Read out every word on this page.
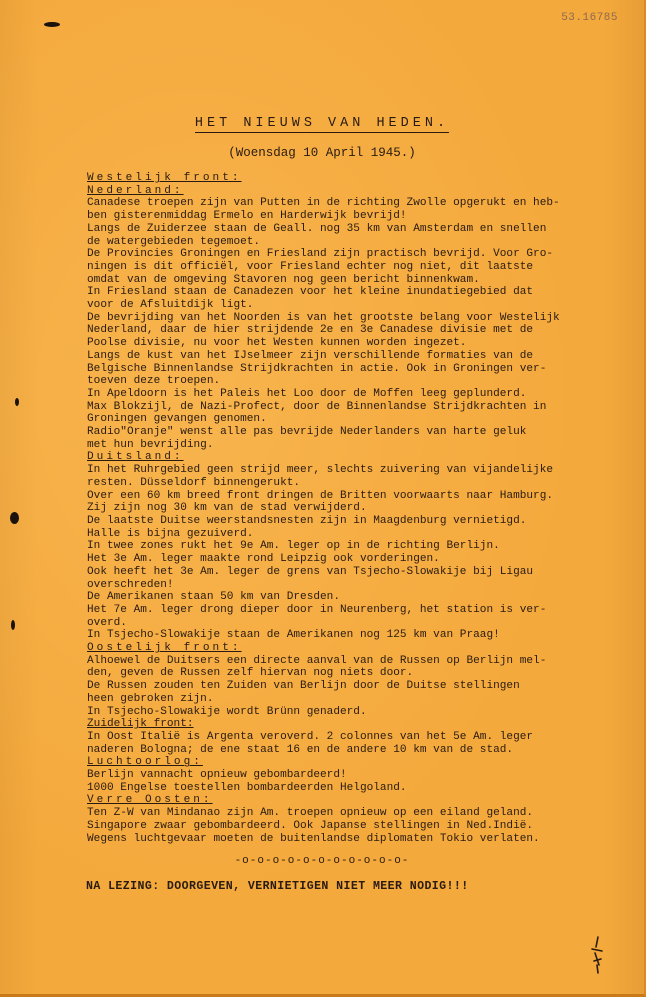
53.16785
HET NIEUWS VAN HEDEN.
(Woensdag 10 April 1945.)
Westelijk front:
Nederland:
Canadese troepen zijn van Putten in de richting Zwolle opgerukt en heb-
ben gisterenmiddag Ermelo en Harderwijk bevrijd!
Langs de Zuiderzee staan de Geall. nog 35 km van Amsterdam en snellen
de watergebieden tegemoet.
De Provincies Groningen en Friesland zijn practisch bevrijd. Voor Gro-
ningen is dit officiël, voor Friesland echter nog niet, dit laatste
omdat van de omgeving Stavoren nog geen bericht binnenkwam.
In Friesland staan de Canadezen voor het kleine inundatiegebied dat
voor de Afsluitdijk ligt.
De bevrijding van het Noorden is van het grootste belang voor Westelijk
Nederland, daar de hier strijdende 2e en 3e Canadese divisie met de
Poolse divisie, nu voor het Westen kunnen worden ingezet.
Langs de kust van het IJselmeer zijn verschillende formaties van de
Belgische Binnenlandse Strijdkrachten in actie. Ook in Groningen ver-
toeven deze troepen.
In Apeldoorn is het Paleis het Loo door de Moffen leeg geplunderd.
Max Blokzijl, de Nazi-Profect, door de Binnenlandse Strijdkrachten in
Groningen gevangen genomen.
Radio"Oranje" wenst alle pas bevrijde Nederlanders van harte geluk
met hun bevrijding.
Duitsland:
In het Ruhrgebied geen strijd meer, slechts zuivering van vijandelijke
resten. Düsseldorf binnengerukt.
Over een 60 km breed front dringen de Britten voorwaarts naar Hamburg.
Zij zijn nog 30 km van de stad verwijderd.
De laatste Duitse weerstandsnesten zijn in Maagdenburg vernietigd.
Halle is bijna gezuiverd.
In twee zones rukt het 9e Am. leger op in de richting Berlijn.
Het 3e Am. leger maakte rond Leipzig ook vorderingen.
Ook heeft het 3e Am. leger de grens van Tsjecho-Slowakije bij Ligau
overschreden!
De Amerikanen staan 50 km van Dresden.
Het 7e Am. leger drong dieper door in Neurenberg, het station is ver-
overd.
In Tsjecho-Slowakije staan de Amerikanen nog 125 km van Praag!
Oostelijk front:
Alhoewel de Duitsers een directe aanval van de Russen op Berlijn mel-
den, geven de Russen zelf hiervan nog niets door.
De Russen zouden ten Zuiden van Berlijn door de Duitse stellingen
heen gebroken zijn.
In Tsjecho-Slowakije wordt Brünn genaderd.
Zuidelijk front:
In Oost Italië is Argenta veroverd. 2 colonnes van het 5e Am. leger
naderen Bologna; de ene staat 16 en de andere 10 km van de stad.
Luchtoorlog:
Berlijn vannacht opnieuw gebombardeerd!
1000 Engelse toestellen bombardeerden Helgoland.
Verre Oosten:
Ten Z-W van Mindanao zijn Am. troepen opnieuw op een eiland geland.
Singapore zwaar gebombardeerd. Ook Japanse stellingen in Ned.Indië.
Wegens luchtgevaar moeten de buitenlandse diplomaten Tokio verlaten.
-o-o-o-o-o-o-o-o-o-o-o-
NA LEZING: DOORGEVEN, VERNIETIGEN NIET MEER NODIG!!!
